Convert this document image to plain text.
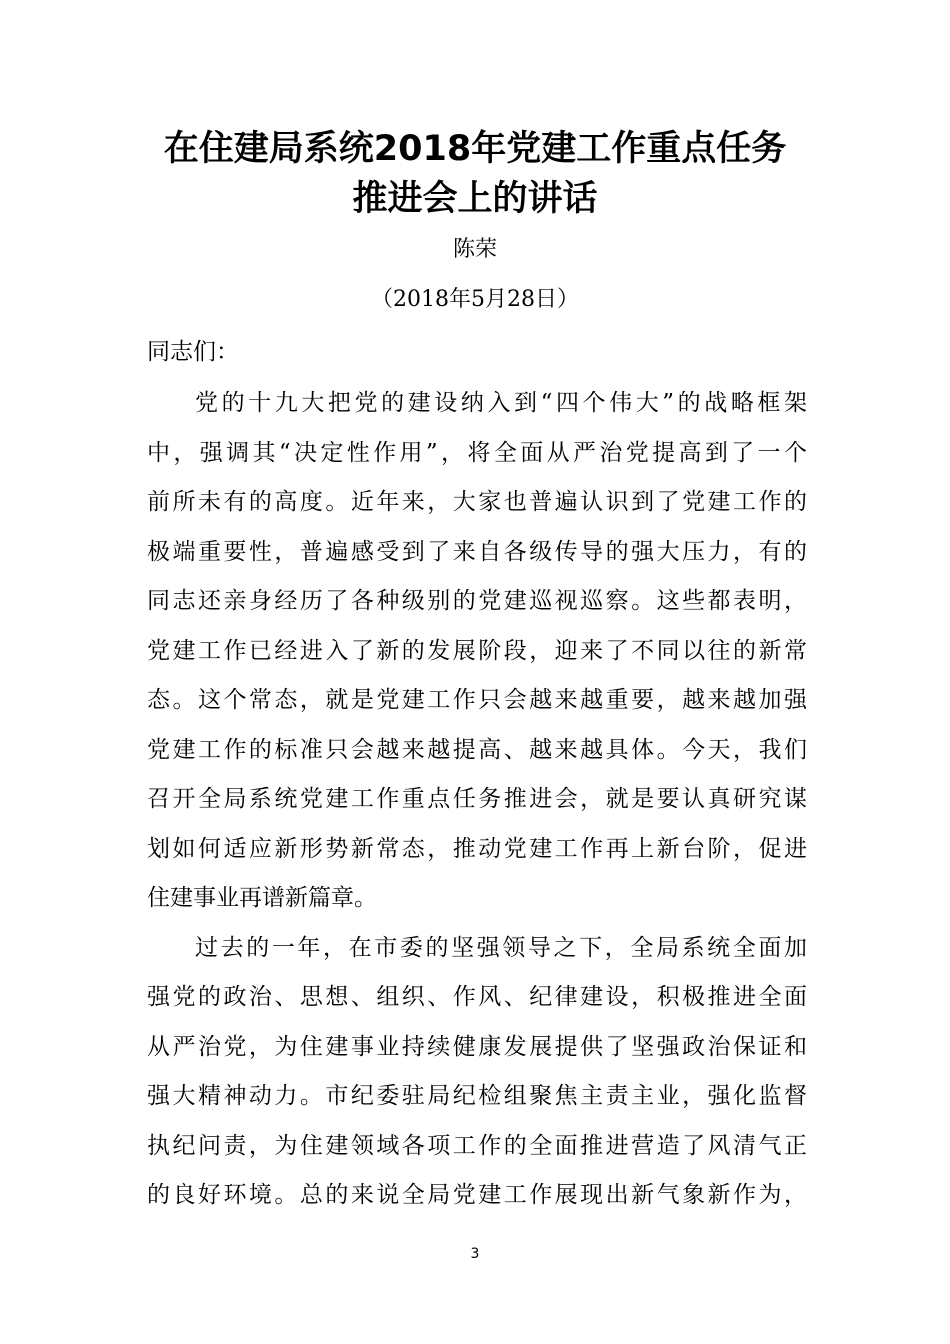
在住建局系统2018年党建工作重点任务
推进会上的讲话
陈荣
（2018年5月28日）
同志们：
党的十九大把党的建设纳入到“四个伟大”的战略框架
中，强调其“决定性作用”，将全面从严治党提高到了一个
前所未有的高度。近年来，大家也普遍认识到了党建工作的
极端重要性，普遍感受到了来自各级传导的强大压力，有的
同志还亲身经历了各种级别的党建巡视巡察。这些都表明，
党建工作已经进入了新的发展阶段，迎来了不同以往的新常
态。这个常态，就是党建工作只会越来越重要，越来越加强
党建工作的标准只会越来越提高、越来越具体。今天，我们
召开全局系统党建工作重点任务推进会，就是要认真研究谋
划如何适应新形势新常态，推动党建工作再上新台阶，促进
住建事业再谱新篇章。
过去的一年，在市委的坚强领导之下，全局系统全面加
强党的政治、思想、组织、作风、纪律建设，积极推进全面
从严治党，为住建事业持续健康发展提供了坚强政治保证和
强大精神动力。市纪委驻局纪检组聚焦主责主业，强化监督
执纪问责，为住建领域各项工作的全面推进营造了风清气正
的良好环境。总的来说全局党建工作展现出新气象新作为，
3
